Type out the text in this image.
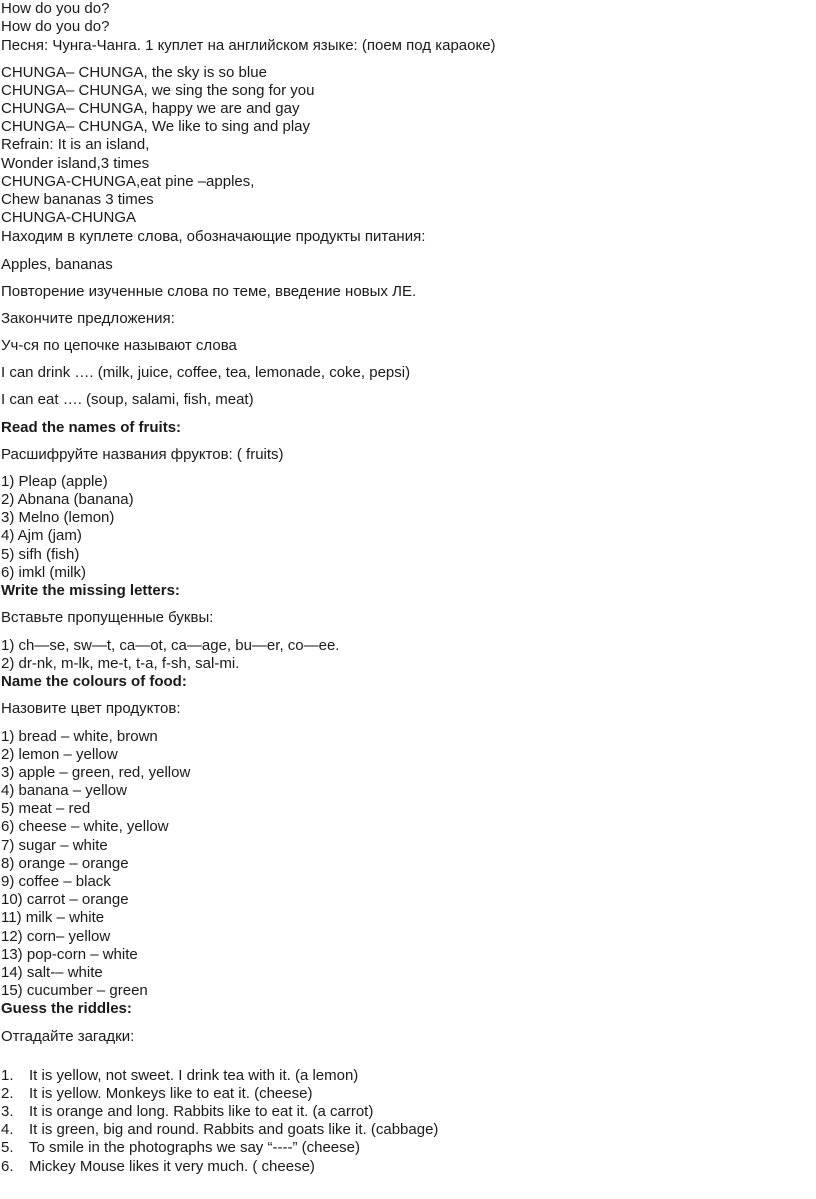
How do you do?
How do you do?
Песня: Чунга-Чанга. 1 куплет на английском языке: (поем под караоке)
CHUNGA– CHUNGA, the sky is so blue
CHUNGA– CHUNGA, we sing the song for you
CHUNGA– CHUNGA, happy we are and gay
CHUNGA– CHUNGA, We like to sing and play
Refrain: It is an island,
Wonder island,3 times
CHUNGA-CHUNGA,eat pine –apples,
Chew bananas 3 times
CHUNGA-CHUNGA
Находим в куплете слова, обозначающие продукты питания:
Apples, bananas
Повторение изученные слова по теме, введение новых ЛЕ.
Закончите предложения:
Уч-ся по цепочке называют слова
I can drink …. (milk, juice, coffee, tea, lemonade, coke, pepsi)
I can eat …. (soup, salami, fish, meat)
Read the names of fruits:
Расшифруйте названия фруктов: ( fruits)
1) Pleap (apple)
2) Abnana (banana)
3) Melno (lemon)
4) Ajm (jam)
5) sifh (fish)
6) imkl (milk)
Write the missing letters:
Вставьте пропущенные буквы:
1) ch—se, sw—t, ca—ot, ca—age, bu—er, co—ee.
2) dr-nk, m-lk, me-t, t-a, f-sh, sal-mi.
Name the colours of food:
Назовите цвет продуктов:
1) bread – white, brown
2) lemon – yellow
3) apple – green, red, yellow
4) banana – yellow
5) meat – red
6) cheese – white, yellow
7) sugar – white
8) orange – orange
9) coffee – black
10) carrot – orange
11) milk – white
12) corn– yellow
13) pop-corn – white
14) salt-– white
15) cucumber – green
Guess the riddles:
Отгадайте загадки:
1.	It is yellow, not sweet. I drink tea with it. (a lemon)
2.	It is yellow. Monkeys like to eat it. (cheese)
3.	It is orange and long. Rabbits like to eat it. (a carrot)
4.	It is green, big and round. Rabbits and goats like it. (cabbage)
5.	To smile in the photographs we say “----” (cheese)
6.	Mickey Mouse likes it very much. ( cheese)
